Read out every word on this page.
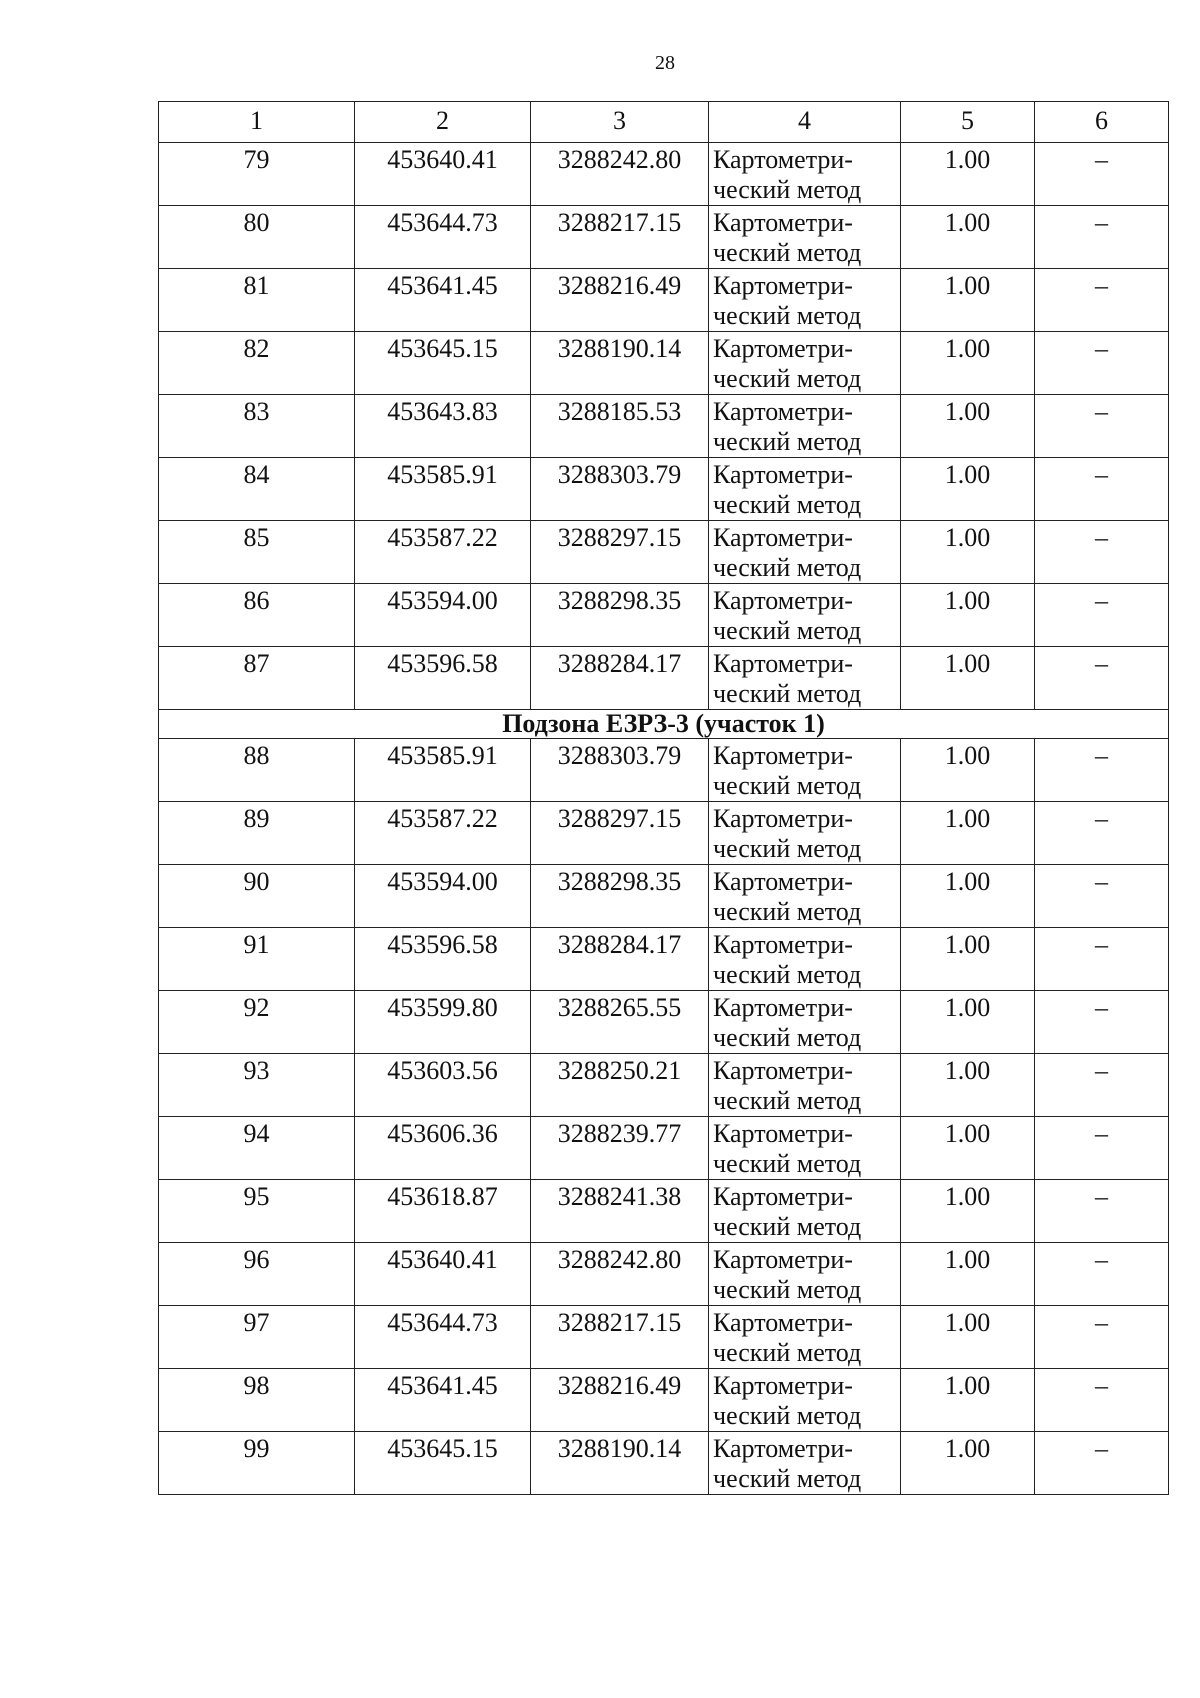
28
1	2	3	4	5	6
79	453640.41	3288242.80	Картометри-
ческий метод	1.00	–
80	453644.73	3288217.15	Картометри-
ческий метод	1.00	–
81	453641.45	3288216.49	Картометри-
ческий метод	1.00	–
82	453645.15	3288190.14	Картометри-
ческий метод	1.00	–
83	453643.83	3288185.53	Картометри-
ческий метод	1.00	–
84	453585.91	3288303.79	Картометри-
ческий метод	1.00	–
85	453587.22	3288297.15	Картометри-
ческий метод	1.00	–
86	453594.00	3288298.35	Картометри-
ческий метод	1.00	–
87	453596.58	3288284.17	Картометри-
ческий метод	1.00	–
Подзона ЕЗРЗ-3 (участок 1)					
88	453585.91	3288303.79	Картометри-
ческий метод	1.00	–
89	453587.22	3288297.15	Картометри-
ческий метод	1.00	–
90	453594.00	3288298.35	Картометри-
ческий метод	1.00	–
91	453596.58	3288284.17	Картометри-
ческий метод	1.00	–
92	453599.80	3288265.55	Картометри-
ческий метод	1.00	–
93	453603.56	3288250.21	Картометри-
ческий метод	1.00	–
94	453606.36	3288239.77	Картометри-
ческий метод	1.00	–
95	453618.87	3288241.38	Картометри-
ческий метод	1.00	–
96	453640.41	3288242.80	Картометри-
ческий метод	1.00	–
97	453644.73	3288217.15	Картометри-
ческий метод	1.00	–
98	453641.45	3288216.49	Картометри-
ческий метод	1.00	–
99	453645.15	3288190.14	Картометри-
ческий метод	1.00	–
